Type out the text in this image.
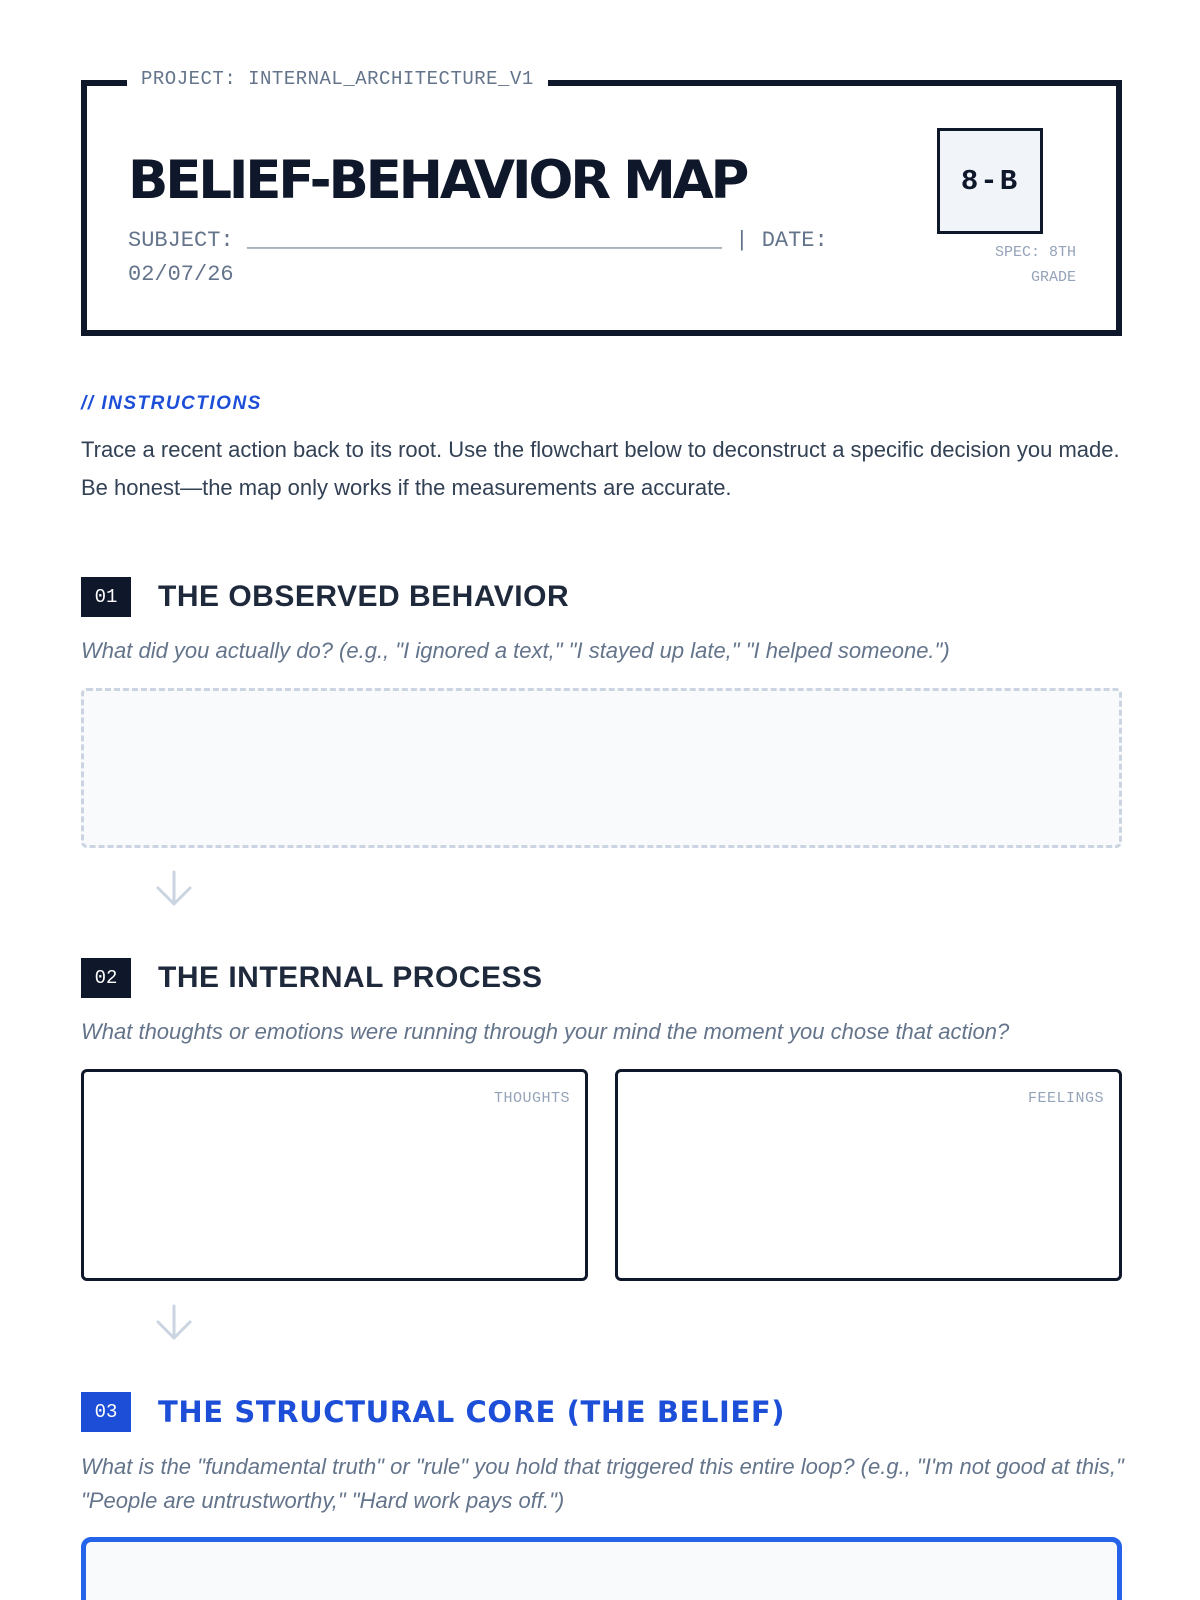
PROJECT: INTERNAL_ARCHITECTURE_V1
BELIEF-BEHAVIOR MAP
SUBJECT: ____________________________________ | DATE: 02/07/26
8-B
SPEC: 8TH
GRADE
// INSTRUCTIONS
Trace a recent action back to its root. Use the flowchart below to deconstruct a specific decision you made. Be honest—the map only works if the measurements are accurate.
01	THE OBSERVED BEHAVIOR
What did you actually do? (e.g., "I ignored a text," "I stayed up late," "I helped someone.")
02	THE INTERNAL PROCESS
What thoughts or emotions were running through your mind the moment you chose that action?
THOUGHTS	FEELINGS
03	THE STRUCTURAL CORE (THE BELIEF)
What is the "fundamental truth" or "rule" you hold that triggered this entire loop? (e.g., "I'm not good at this," "People are untrustworthy," "Hard work pays off.")
